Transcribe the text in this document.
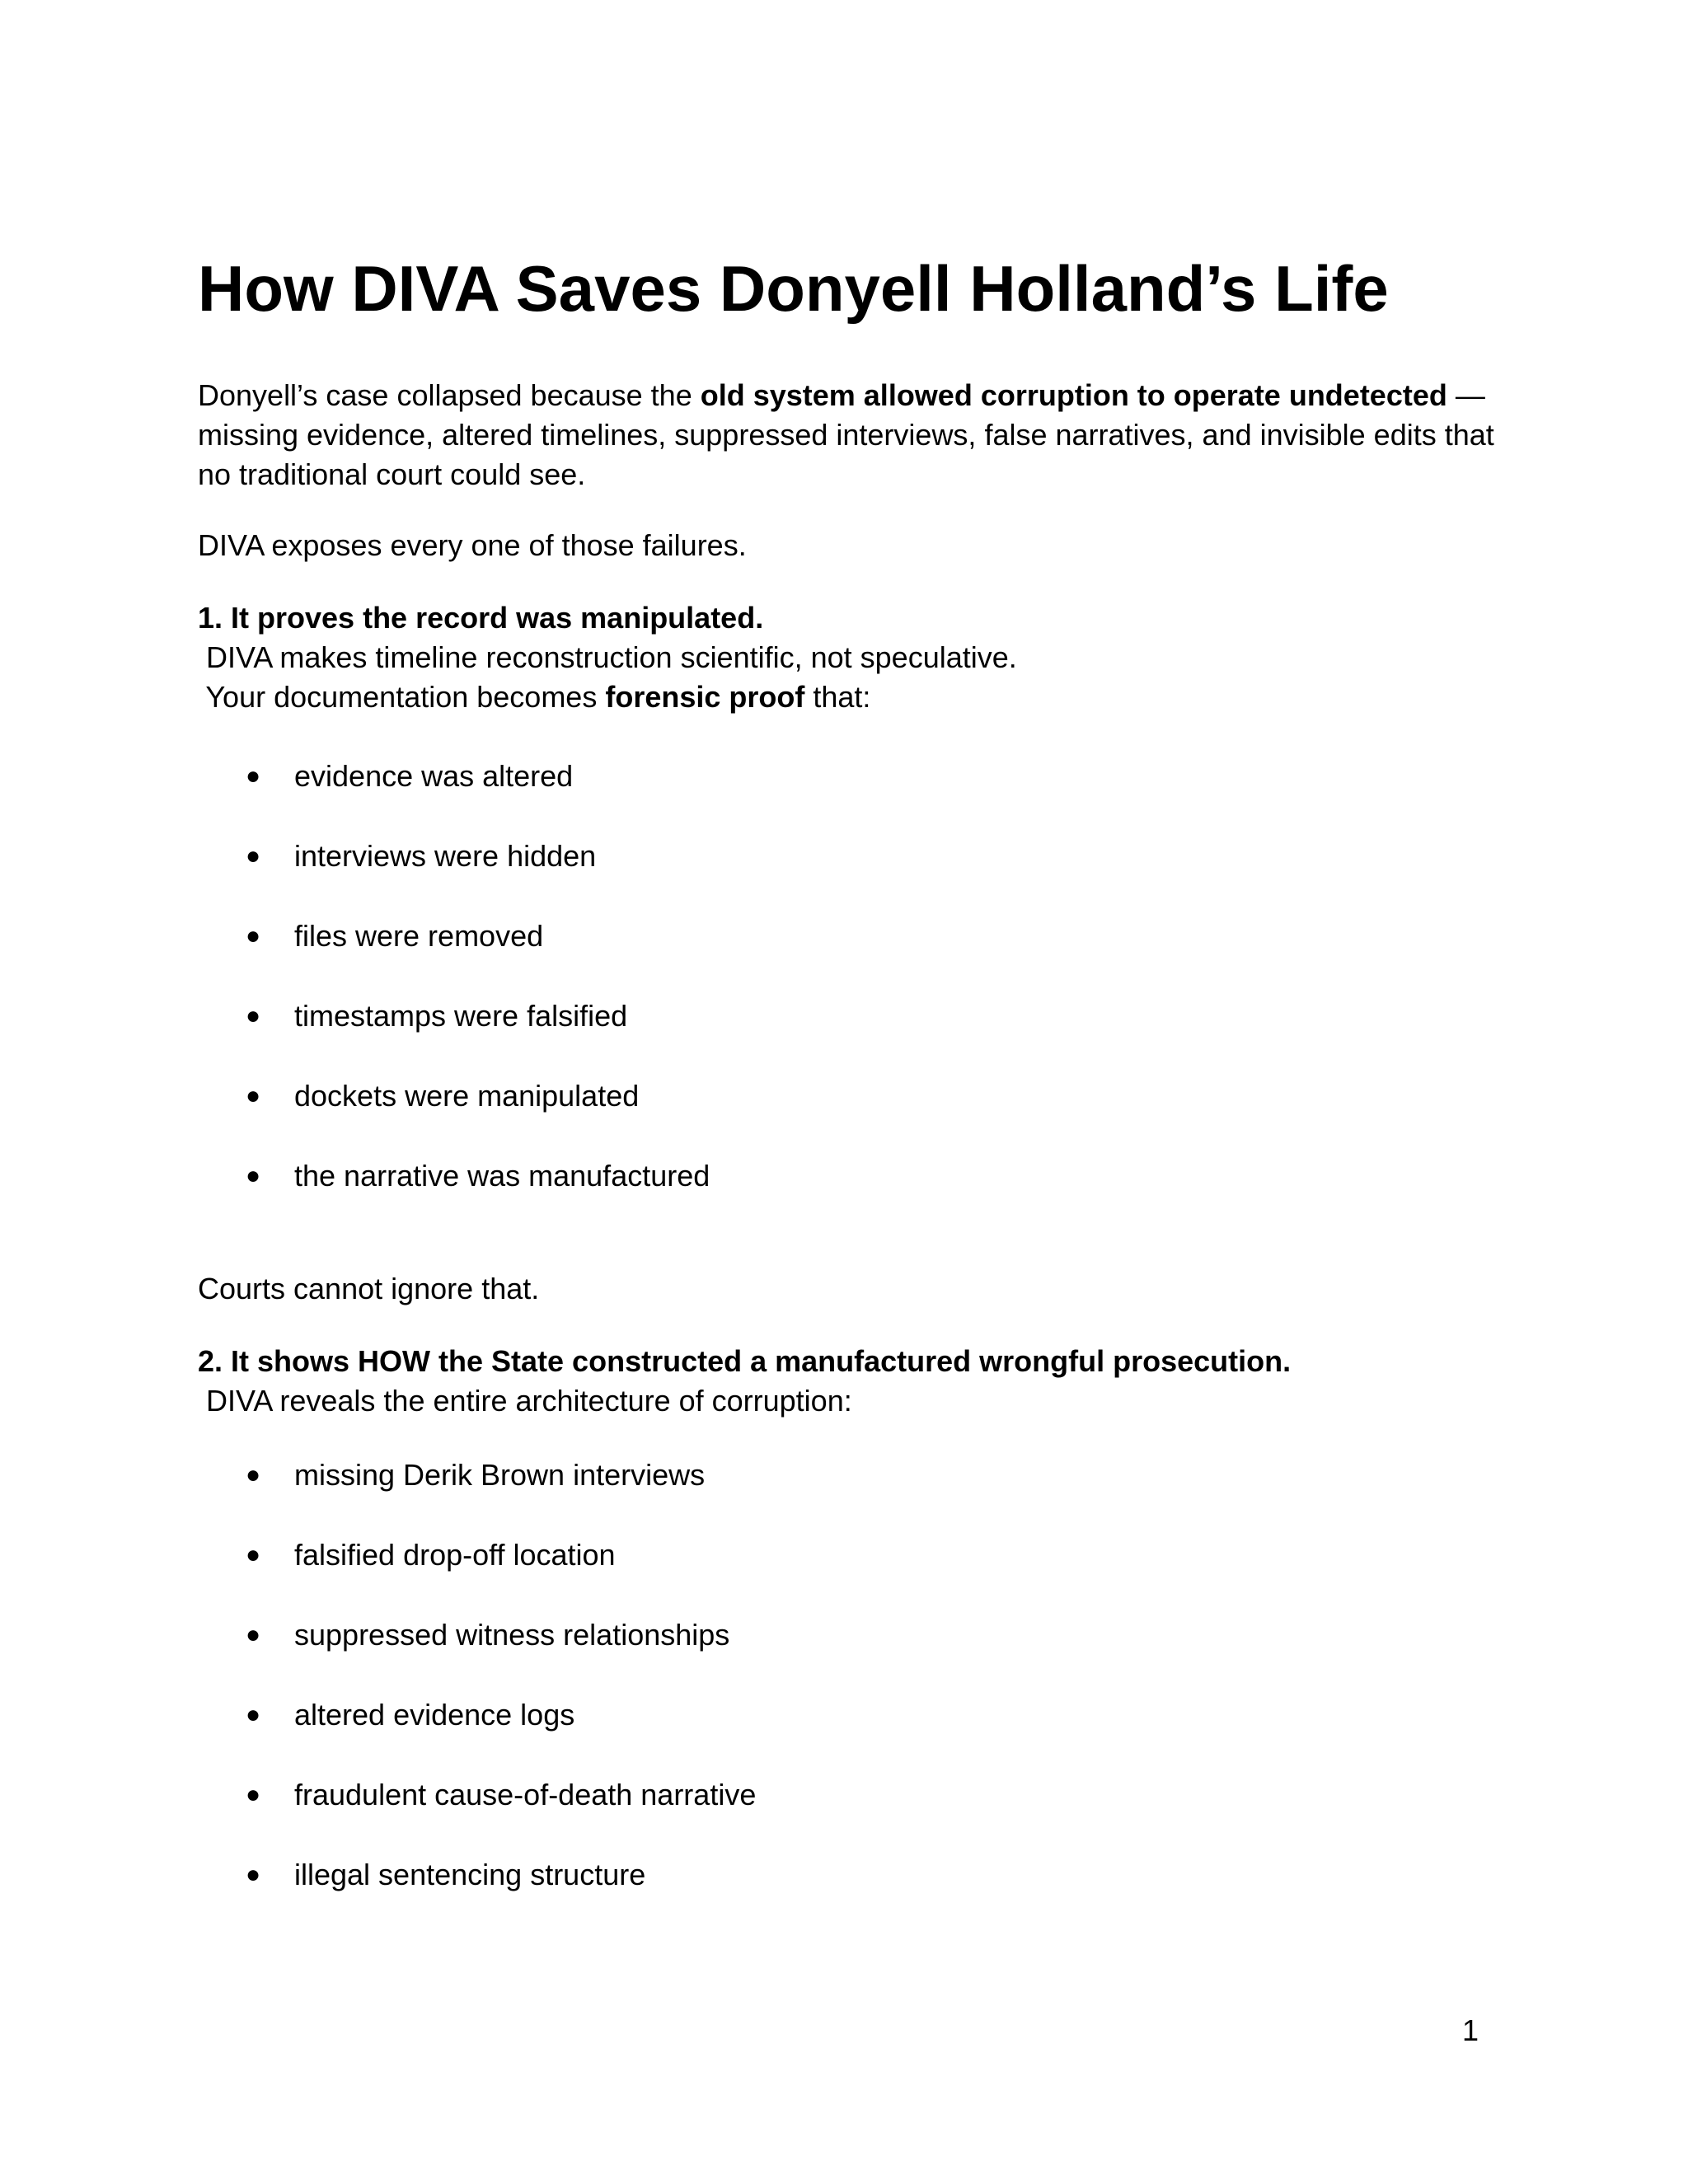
How DIVA Saves Donyell Holland’s Life

Donyell’s case collapsed because the old system allowed corruption to operate undetected — missing evidence, altered timelines, suppressed interviews, false narratives, and invisible edits that no traditional court could see.

DIVA exposes every one of those failures.

1. It proves the record was manipulated.
DIVA makes timeline reconstruction scientific, not speculative.
Your documentation becomes forensic proof that:

● evidence was altered
● interviews were hidden
● files were removed
● timestamps were falsified
● dockets were manipulated
● the narrative was manufactured

Courts cannot ignore that.

2. It shows HOW the State constructed a manufactured wrongful prosecution.
DIVA reveals the entire architecture of corruption:

● missing Derik Brown interviews
● falsified drop-off location
● suppressed witness relationships
● altered evidence logs
● fraudulent cause-of-death narrative
● illegal sentencing structure
1
